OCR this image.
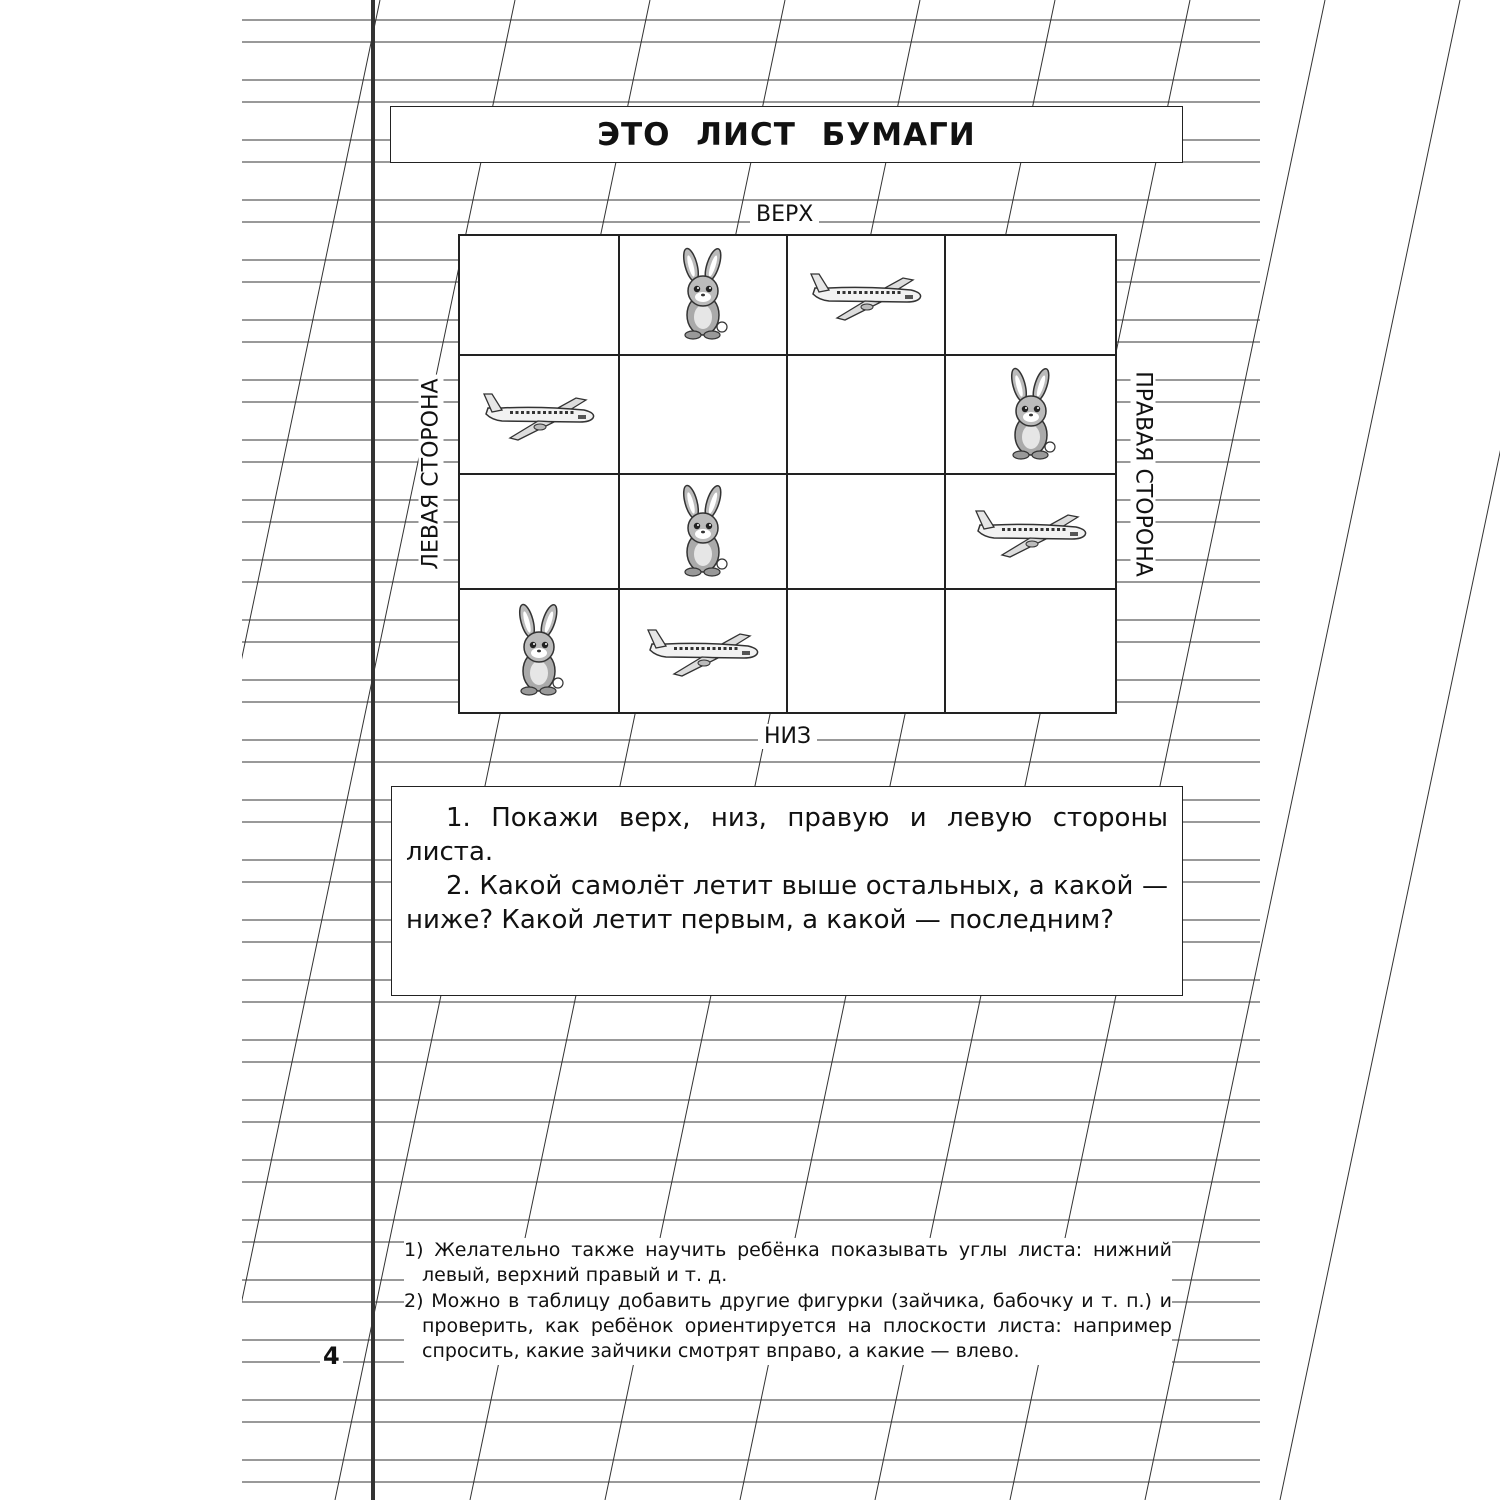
ЭТО ЛИСТ БУМАГИ
ВЕРХ
НИЗ
ЛЕВАЯ СТОРОНА	ПРАВАЯ СТОРОНА

1. Покажи верх, низ, правую и левую стороны листа.

2. Какой самолёт летит выше остальных, а какой — ниже? Какой летит первым, а какой — последним?

1) Желательно также научить ребёнка показывать углы листа: нижний левый, верхний правый и т. д.

2) Можно в таблицу добавить другие фигурки (зайчика, бабочку и т. п.) и проверить, как ребёнок ориентируется на плоскости листа: например спросить, какие зайчики смотрят вправо, а какие — влево.

4
